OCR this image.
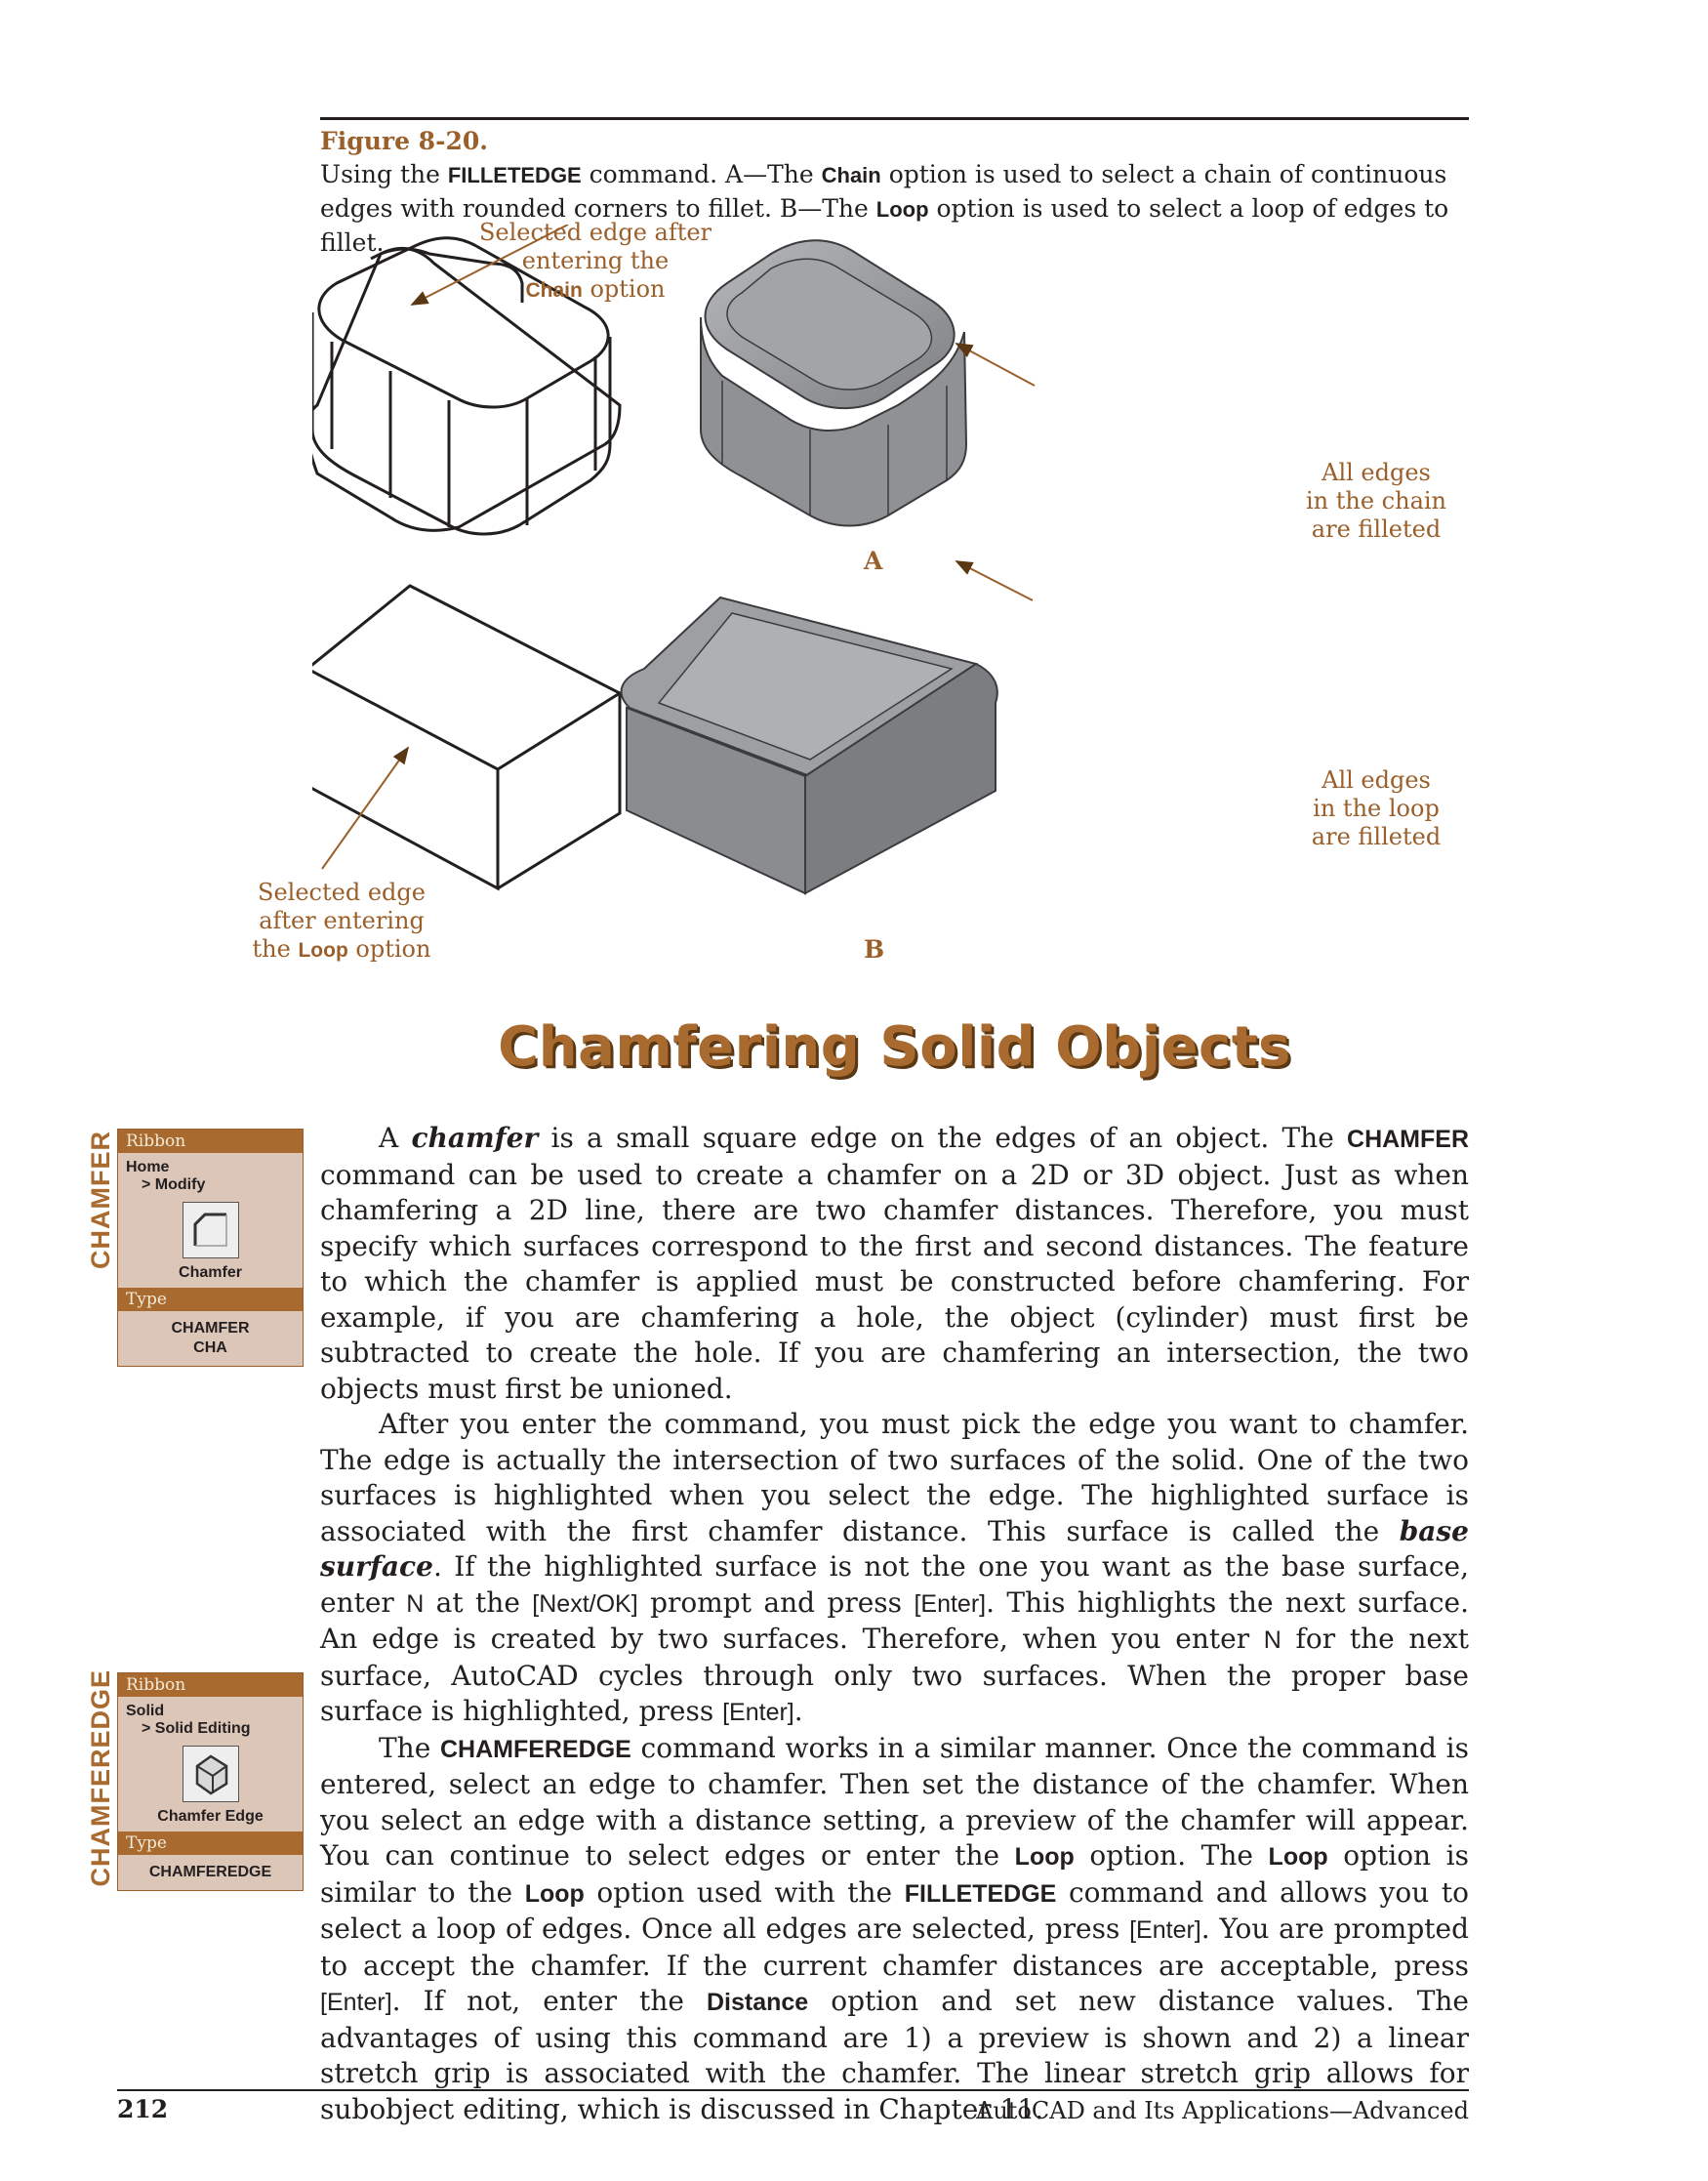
Figure 8-20.
Using the FILLETEDGE command. A—The Chain option is used to select a chain of continuous edges with rounded corners to fillet. B—The Loop option is used to select a loop of edges to fillet.	Selected edge after
entering the
Chain option
All edges
in the chain
are filleted
A
All edges
in the loop
are filleted
Selected edge
after entering
the Loop option	B
Chamfering Solid Objects
CHAMFER Ribbon
Home
> Modify
Chamfer
Type
CHAMFER
CHA
CHAMFEREDGE Ribbon
Solid
> Solid Editing
Chamfer Edge
Type
CHAMFEREDGE

A chamfer is a small square edge on the edges of an object. The CHAMFER command can be used to create a chamfer on a 2D or 3D object. Just as when chamfering a 2D line, there are two chamfer distances. Therefore, you must specify which surfaces correspond to the first and second distances. The feature to which the chamfer is applied must be constructed before chamfering. For example, if you are chamfering a hole, the object (cylinder) must first be subtracted to create the hole. If you are chamfering an intersection, the two objects must first be unioned.

After you enter the command, you must pick the edge you want to chamfer. The edge is actually the intersection of two surfaces of the solid. One of the two surfaces is highlighted when you select the edge. The highlighted surface is associated with the first chamfer distance. This surface is called the base surface. If the highlighted surface is not the one you want as the base surface, enter N at the [Next/OK] prompt and press [Enter]. This highlights the next surface. An edge is created by two surfaces. Therefore, when you enter N for the next surface, AutoCAD cycles through only two surfaces. When the proper base surface is highlighted, press [Enter].

The CHAMFEREDGE command works in a similar manner. Once the command is entered, select an edge to chamfer. Then set the distance of the chamfer. When you select an edge with a distance setting, a preview of the chamfer will appear. You can continue to select edges or enter the Loop option. The Loop option is similar to the Loop option used with the FILLETEDGE command and allows you to select a loop of edges. Once all edges are selected, press [Enter]. You are prompted to accept the chamfer. If the current chamfer distances are acceptable, press [Enter]. If not, enter the Distance option and set new distance values. The advantages of using this command are 1) a preview is shown and 2) a linear stretch grip is associated with the chamfer. The linear stretch grip allows for subobject editing, which is discussed in Chapter 11.

212	AutoCAD and Its Applications—Advanced
